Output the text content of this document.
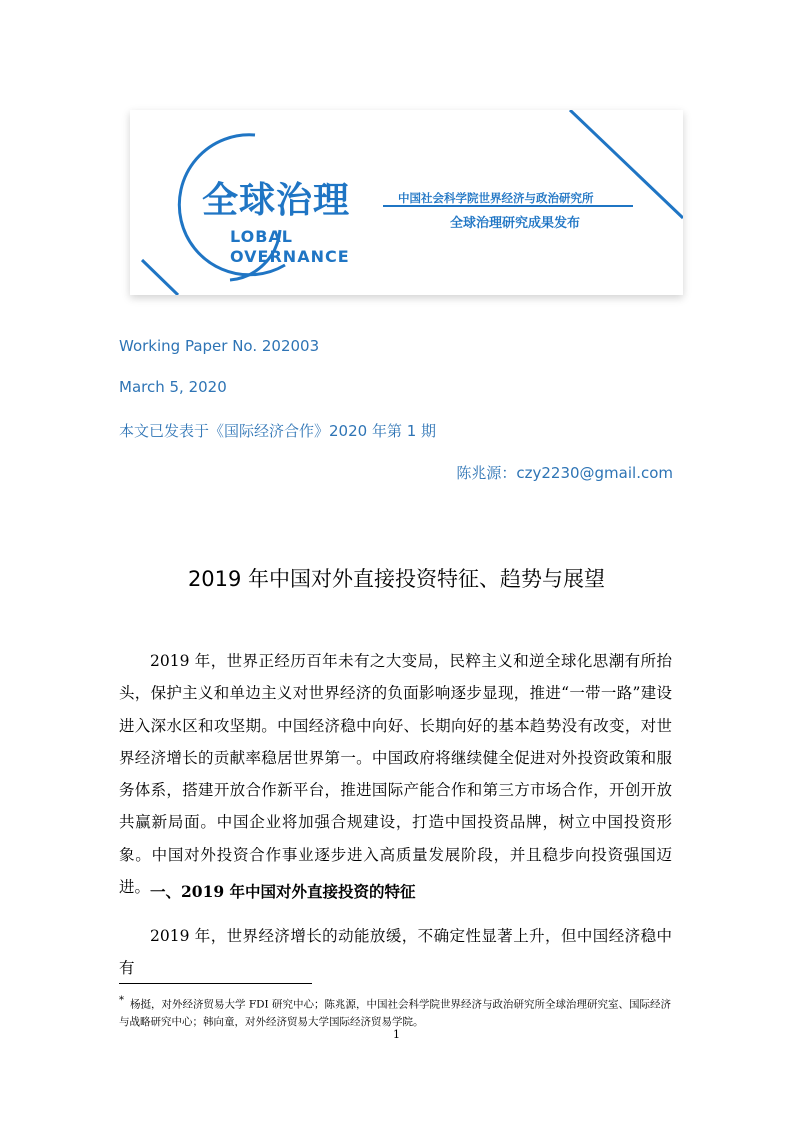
全球治理	中国社会科学院世界经济与政治研究所
全球治理研究成果发布
LOBAL
OVERNANCE
Working Paper No. 202003
March 5, 2020
本文已发表于《国际经济合作》2020 年第 1 期
陈兆源：czy2230@gmail.com
2019 年中国对外直接投资特征、趋势与展望

2019 年，世界正经历百年未有之大变局，民粹主义和逆全球化思潮有所抬头，保护主义和单边主义对世界经济的负面影响逐步显现，推进“一带一路”建设进入深水区和攻坚期。中国经济稳中向好、长期向好的基本趋势没有改变，对世界经济增长的贡献率稳居世界第一。中国政府将继续健全促进对外投资政策和服务体系，搭建开放合作新平台，推进国际产能合作和第三方市场合作，开创开放共赢新局面。中国企业将加强合规建设，打造中国投资品牌，树立中国投资形象。中国对外投资合作事业逐步进入高质量发展阶段，并且稳步向投资强国迈进。 一、2019 年中国对外直接投资的特征

2019 年，世界经济增长的动能放缓，不确定性显著上升，但中国经济稳中有

* 杨挺，对外经济贸易大学 FDI 研究中心；陈兆源，中国社会科学院世界经济与政治研究所全球治理研究室、国际经济与战略研究中心；韩向童，对外经济贸易大学国际经济贸易学院。
1
